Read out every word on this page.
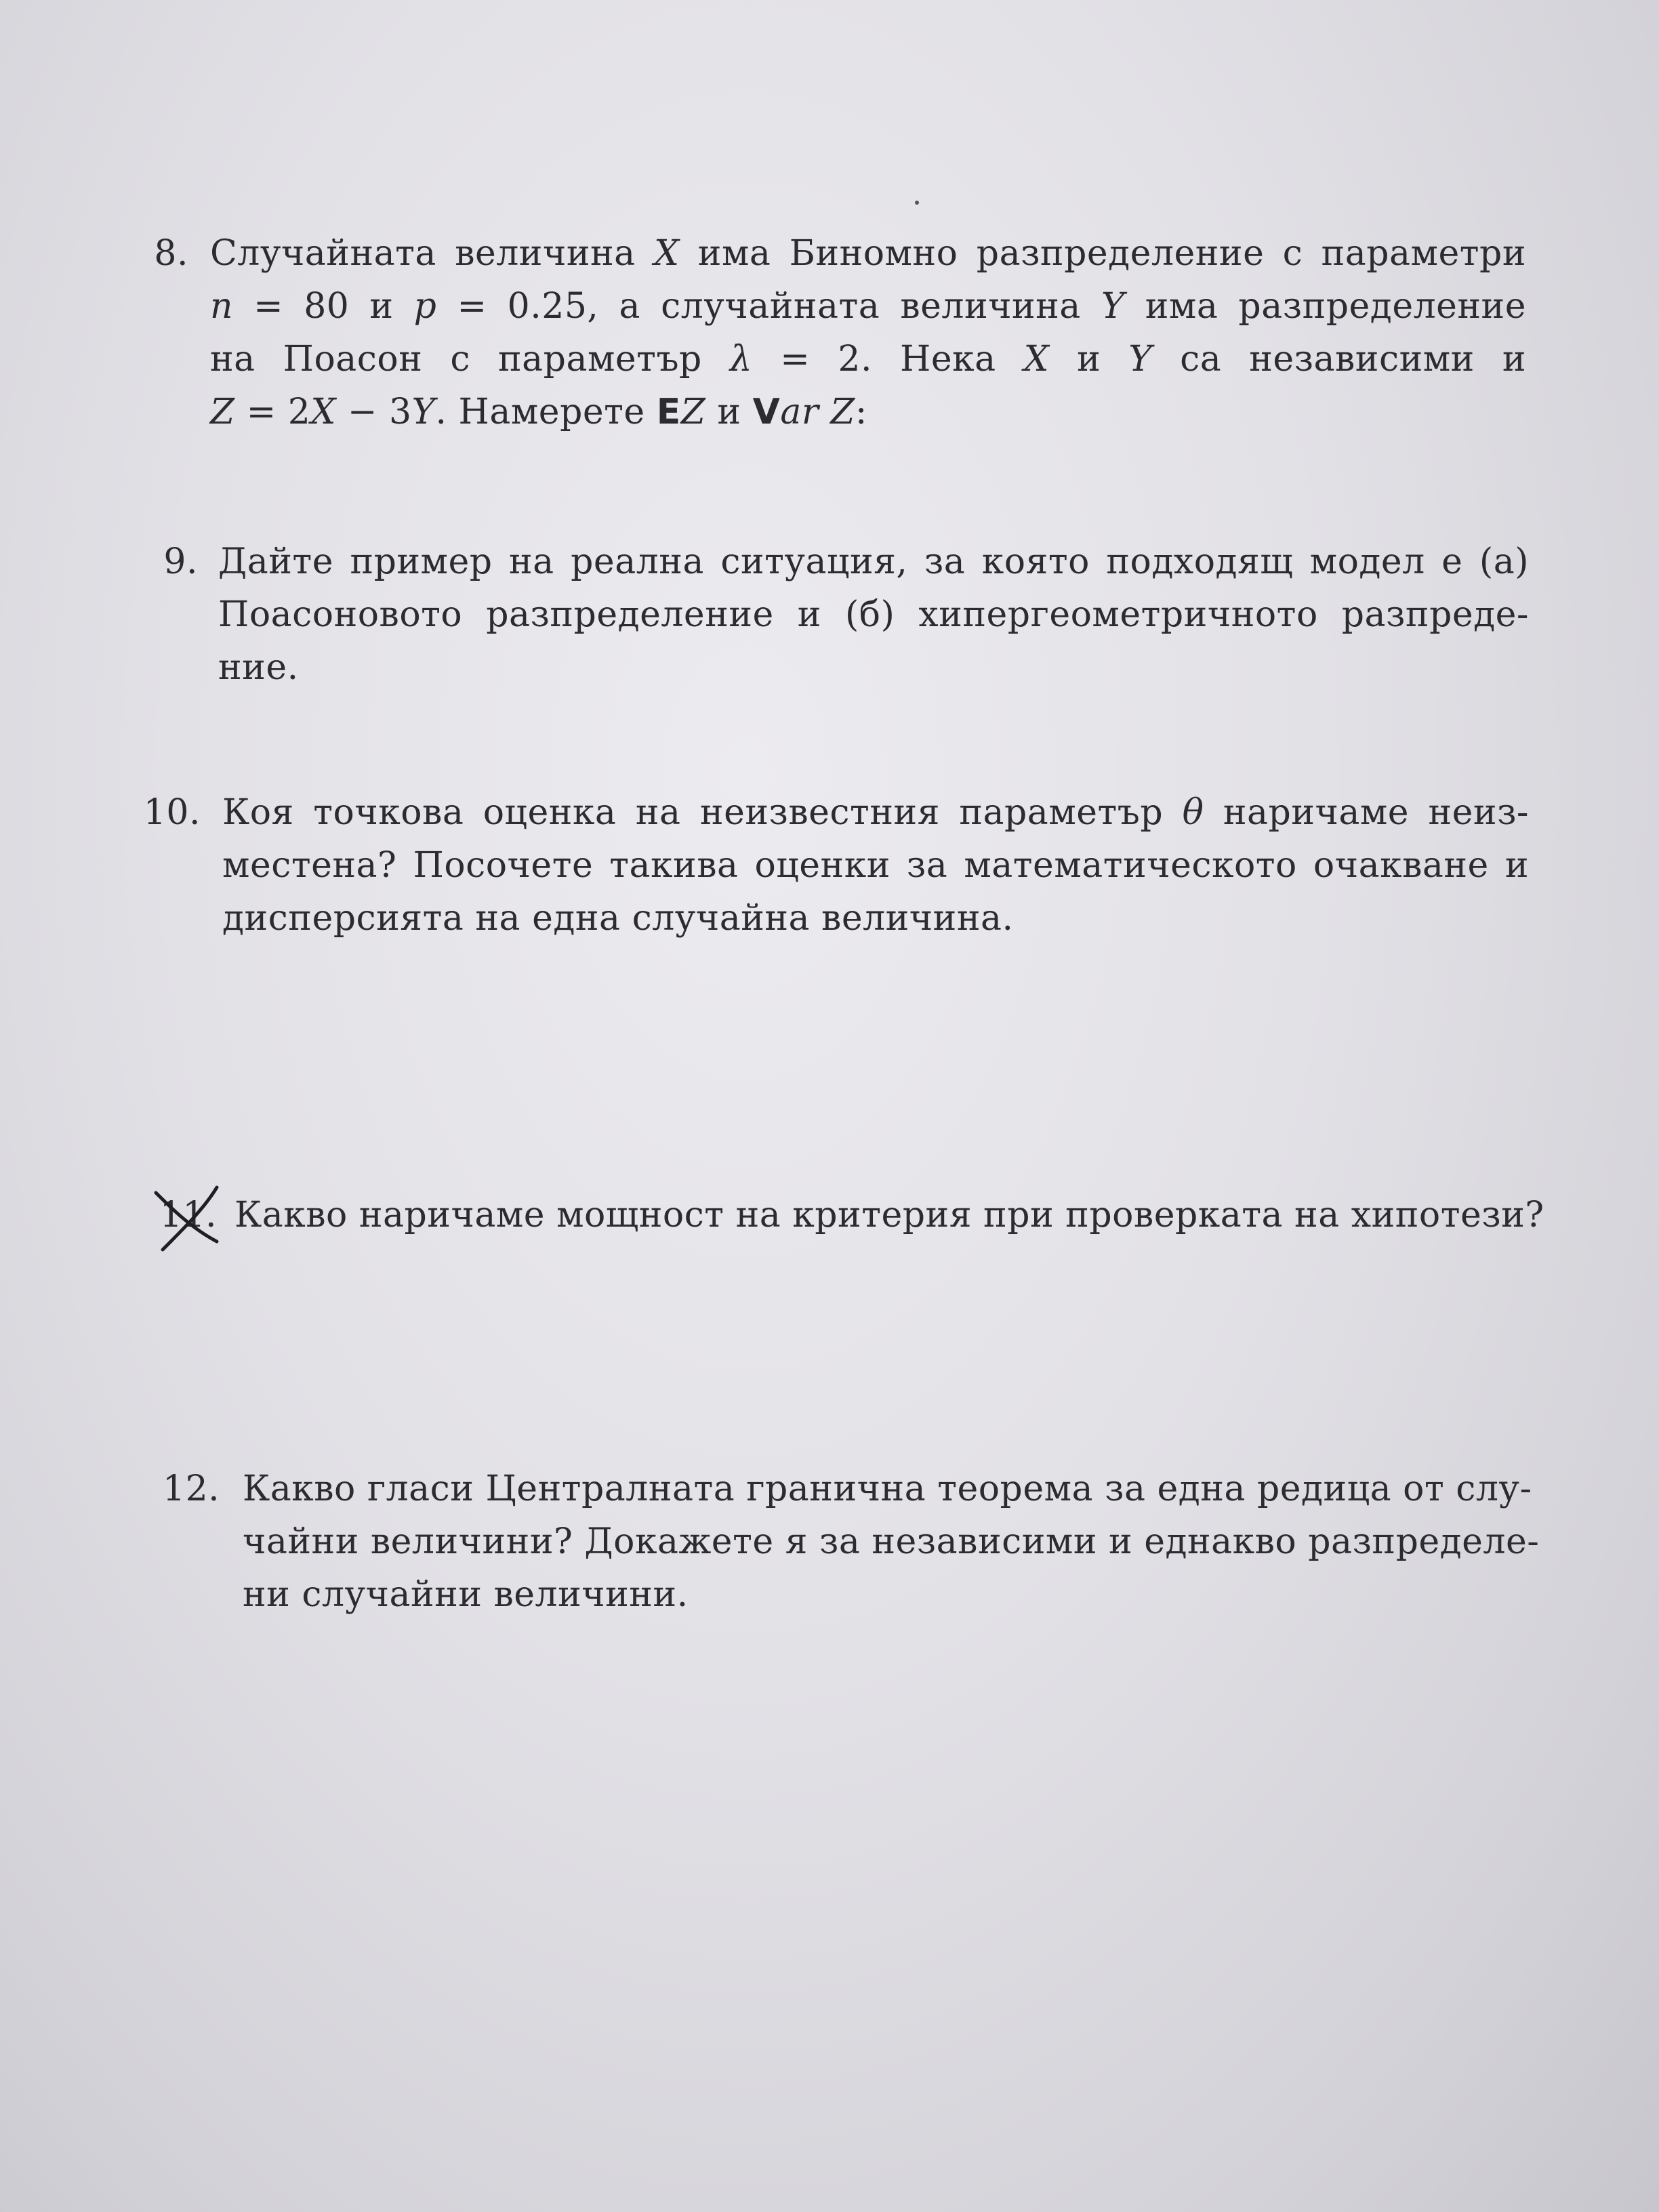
8. Случайната величина X има Биномно разпределение с параметри
n = 80 и p = 0.25, а случайната величина Y има разпределение
на Поасон с параметър λ = 2. Нека X и Y са независими и
Z = 2X − 3Y. Намерете EZ и Var Z:
9. Дайте пример на реална ситуация, за която подходящ модел е (а)
Поасоновото разпределение и (б) хипергеометричното разпреде-
ние.
10. Коя точкова оценка на неизвестния параметър θ наричаме неиз-
местена? Посочете такива оценки за математическото очакване и
дисперсията на една случайна величина.
11. Какво наричаме мощност на критерия при проверката на хипотези?
12. Какво гласи Централната гранична теорема за една редица от слу-
чайни величини? Докажете я за независими и еднакво разпределе-
ни случайни величини.
